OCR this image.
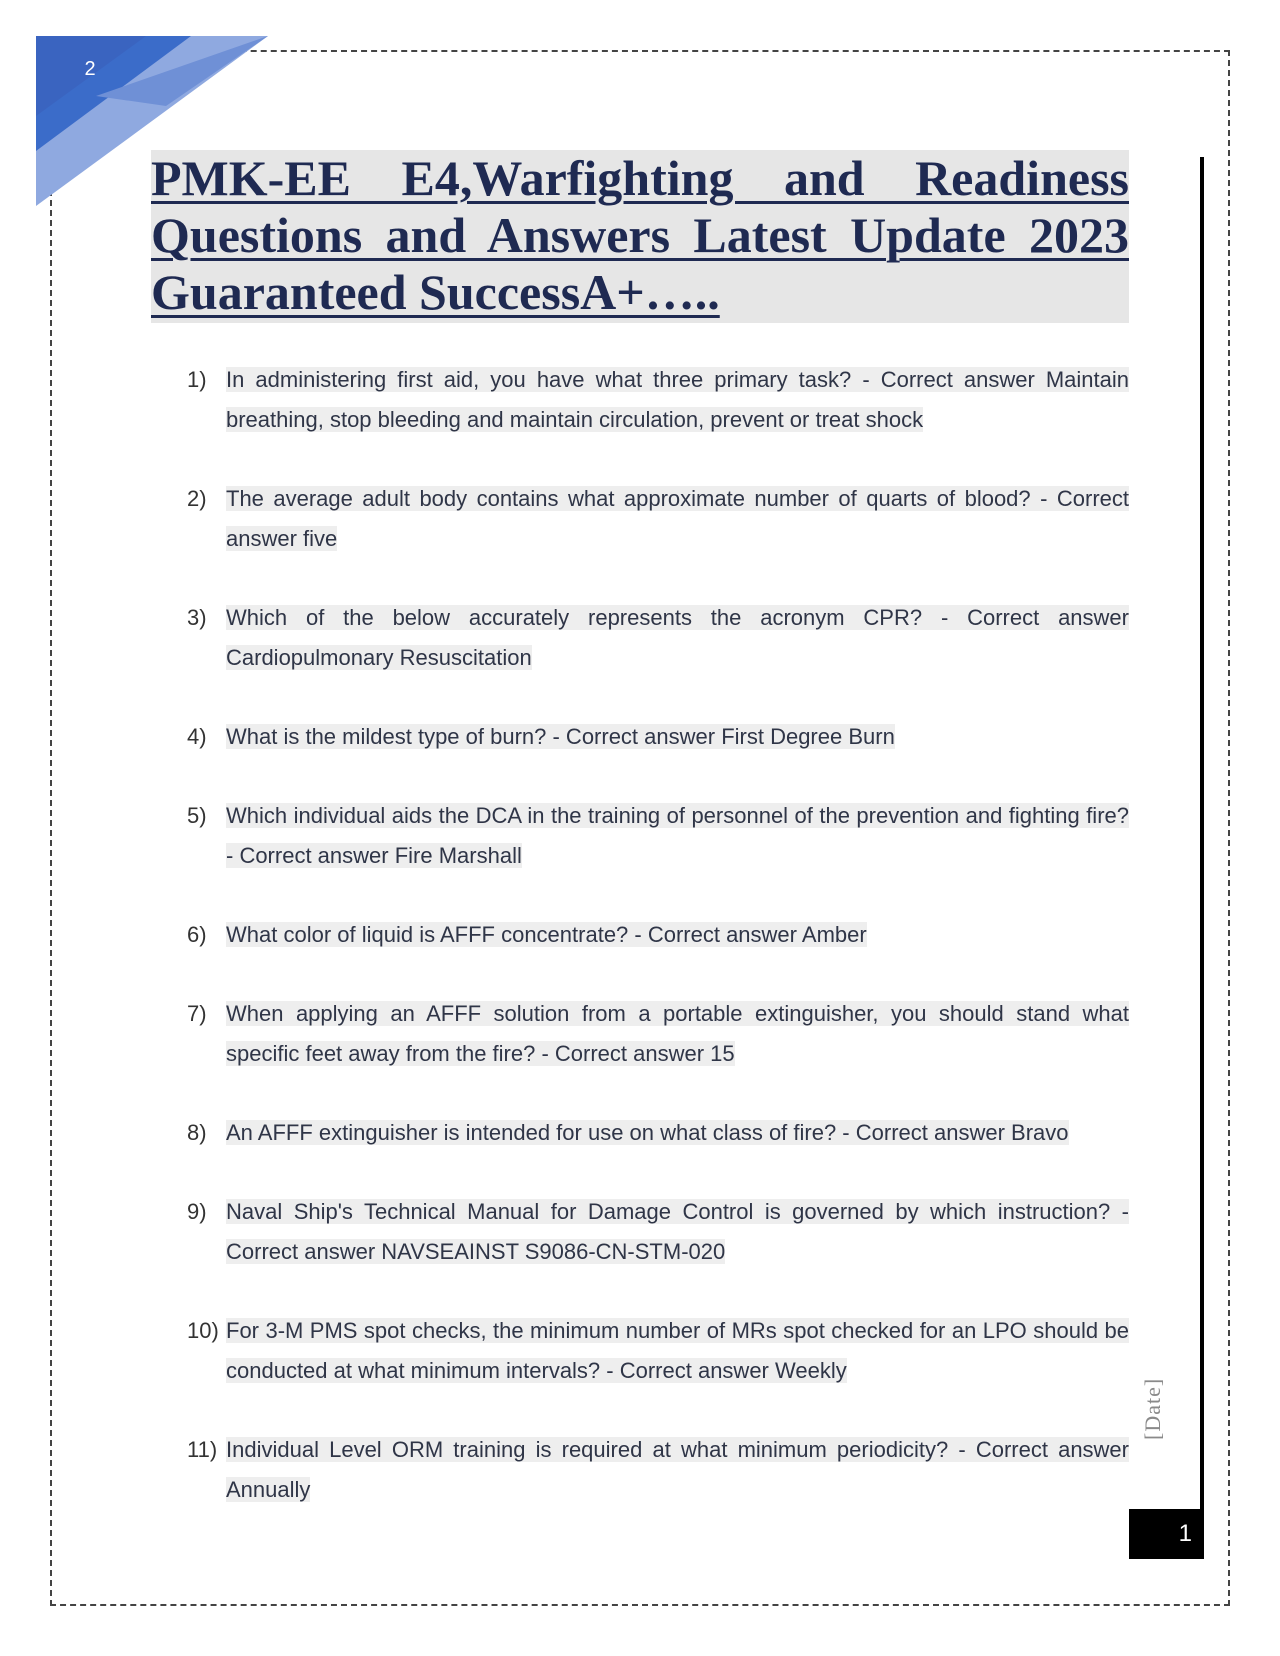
2
[Date]
1
PMK-EE E4,Warfighting and Readiness Questions and Answers Latest Update 2023 Guaranteed SuccessA+…..
1) In administering first aid, you have what three primary task? - Correct answer Maintain breathing, stop bleeding and maintain circulation, prevent or treat shock
2) The average adult body contains what approximate number of quarts of blood? - Correct answer five
3) Which of the below accurately represents the acronym CPR? - Correct answer Cardiopulmonary Resuscitation
4) What is the mildest type of burn? - Correct answer First Degree Burn
5) Which individual aids the DCA in the training of personnel of the prevention and fighting fire? - Correct answer Fire Marshall
6) What color of liquid is AFFF concentrate? - Correct answer Amber
7) When applying an AFFF solution from a portable extinguisher, you should stand what specific feet away from the fire? - Correct answer 15
8) An AFFF extinguisher is intended for use on what class of fire? - Correct answer Bravo
9) Naval Ship's Technical Manual for Damage Control is governed by which instruction? - Correct answer NAVSEAINST S9086-CN-STM-020
10) For 3-M PMS spot checks, the minimum number of MRs spot checked for an LPO should be conducted at what minimum intervals? - Correct answer Weekly
11) Individual Level ORM training is required at what minimum periodicity? - Correct answer Annually
